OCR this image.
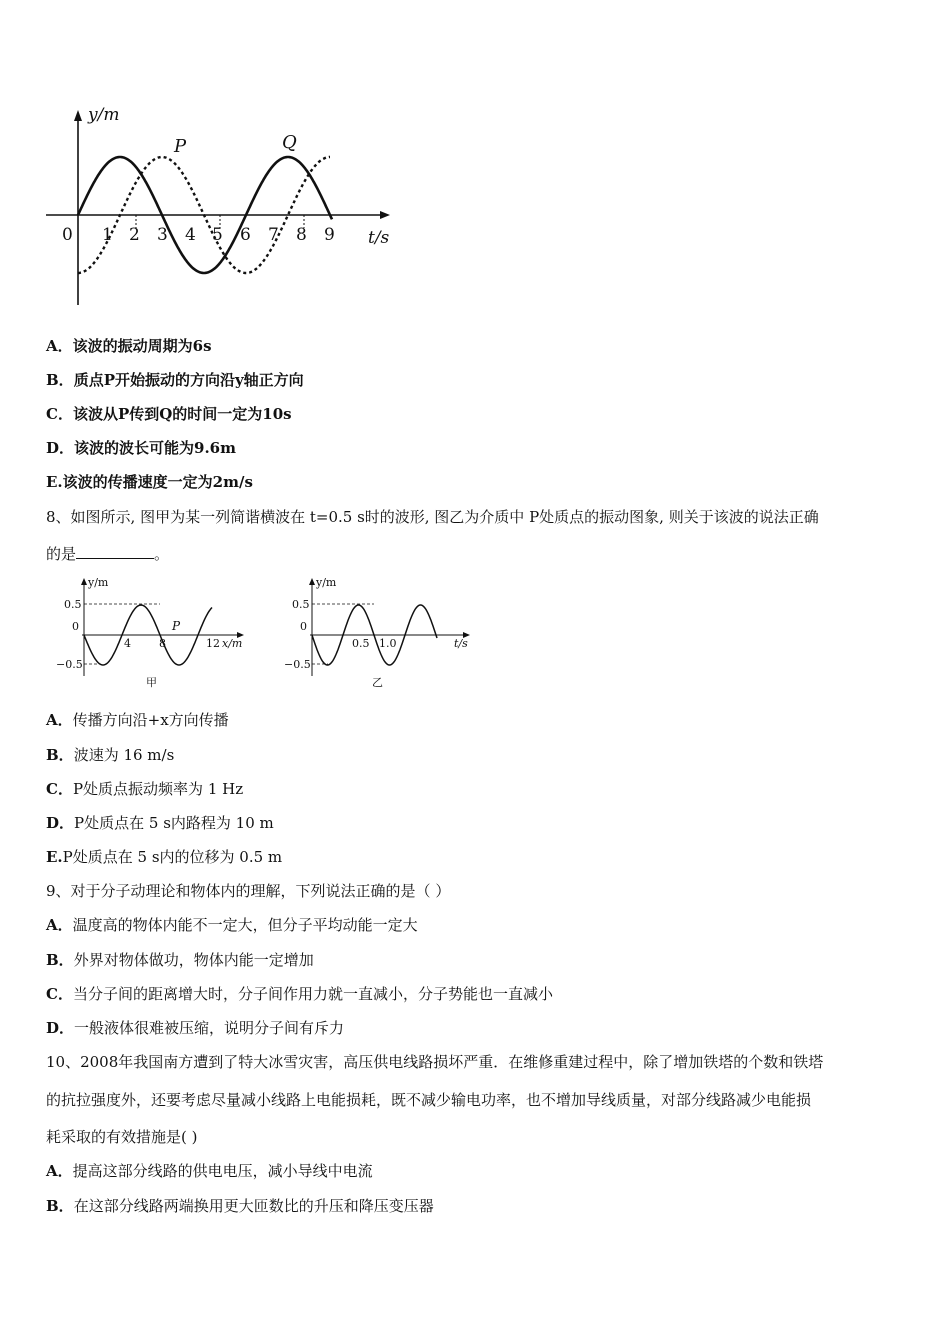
y/m
t/s
0 1 2 3 4 5 6 7 8 9
P	Q
A．该波的振动周期为6s
B．质点P开始振动的方向沿y轴正方向
C．该波从P传到Q的时间一定为10s
D．该波的波长可能为9.6m
E.该波的传播速度一定为2m/s
8、如图所示, 图甲为某一列简谐横波在 t=0.5 s时的波形, 图乙为介质中 P处质点的振动图象, 则关于该波的说法正确
的是	。
y/m
0.5
0
−0.5
4	8	12 x/m
P
甲
y/m
0.5
0
−0.5
0.5 1.0	t/s
乙
A．传播方向沿+x方向传播
B．波速为 16 m/s
C．P处质点振动频率为 1 Hz
D．P处质点在 5 s内路程为 10 m
E.P处质点在 5 s内的位移为 0.5 m
9、对于分子动理论和物体内的理解，下列说法正确的是（ ）
A．温度高的物体内能不一定大，但分子平均动能一定大
B．外界对物体做功，物体内能一定增加
C．当分子间的距离增大时，分子间作用力就一直减小，分子势能也一直减小
D．一般液体很难被压缩，说明分子间有斥力
10、2008年我国南方遭到了特大冰雪灾害，高压供电线路损坏严重．在维修重建过程中，除了增加铁塔的个数和铁塔
的抗拉强度外，还要考虑尽量减小线路上电能损耗，既不减少输电功率，也不增加导线质量，对部分线路减少电能损
耗采取的有效措施是( )
A．提高这部分线路的供电电压，减小导线中电流
B．在这部分线路两端换用更大匝数比的升压和降压变压器
